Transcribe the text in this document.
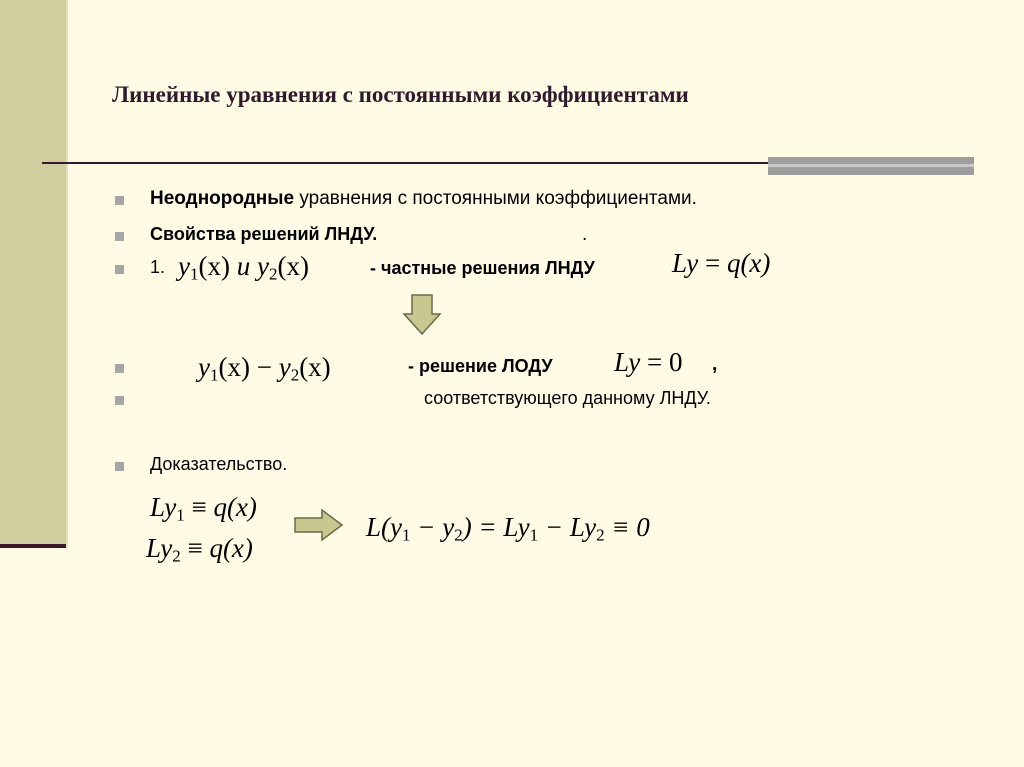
Линейные уравнения с постоянными коэффициентами
Неоднородные уравнения с постоянными коэффициентами.
Свойства решений ЛНДУ.	.
1. $y_1(x)$ и $y_2(x)$	- частные решения ЛНДУ	Ly = q(x)
$y_1(x) - y_2(x)$	- решение ЛОДУ Ly = 0 ,
соответствующего данному ЛНДУ.
Доказательство.
$Ly_1 \equiv q(x)$
$Ly_2 \equiv q(x)$
$L(y_1 - y_2) = Ly_1 - Ly_2 \equiv 0$
